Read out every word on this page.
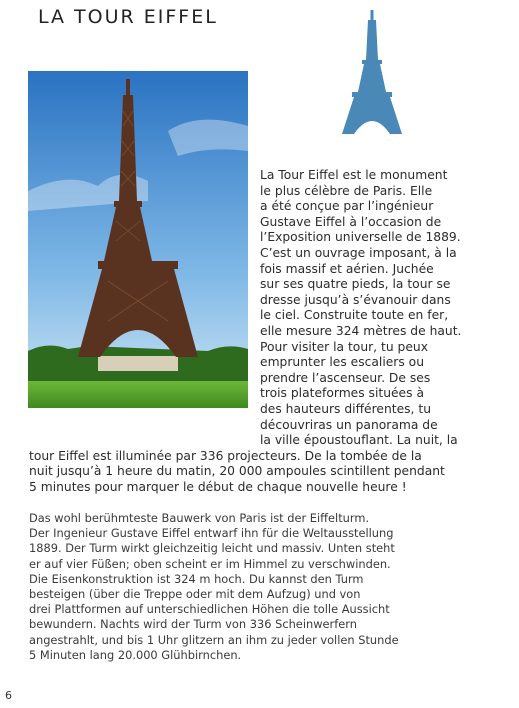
LA TOUR EIFFEL
La Tour Eiffel est le monument
le plus célèbre de Paris. Elle
a été conçue par l’ingénieur
Gustave Eiffel à l’occasion de
l’Exposition universelle de 1889.
C’est un ouvrage imposant, à la
fois massif et aérien. Juchée
sur ses quatre pieds, la tour se
dresse jusqu’à s’évanouir dans
le ciel. Construite toute en fer,
elle mesure 324 mètres de haut.
Pour visiter la tour, tu peux
emprunter les escaliers ou
prendre l’ascenseur. De ses
trois plateformes situées à
des hauteurs différentes, tu
découvriras un panorama de
la ville époustouflant. La nuit, la
tour Eiffel est illuminée par 336 projecteurs. De la tombée de la
nuit jusqu’à 1 heure du matin, 20 000 ampoules scintillent pendant
5 minutes pour marquer le début de chaque nouvelle heure !
Das wohl berühmteste Bauwerk von Paris ist der Eiffelturm.
Der Ingenieur Gustave Eiffel entwarf ihn für die Weltausstellung
1889. Der Turm wirkt gleichzeitig leicht und massiv. Unten steht
er auf vier Füßen; oben scheint er im Himmel zu verschwinden.
Die Eisenkonstruktion ist 324 m hoch. Du kannst den Turm
besteigen (über die Treppe oder mit dem Aufzug) und von
drei Plattformen auf unterschiedlichen Höhen die tolle Aussicht
bewundern. Nachts wird der Turm von 336 Scheinwerfern
angestrahlt, und bis 1 Uhr glitzern an ihm zu jeder vollen Stunde
5 Minuten lang 20.000 Glühbirnchen.
6
